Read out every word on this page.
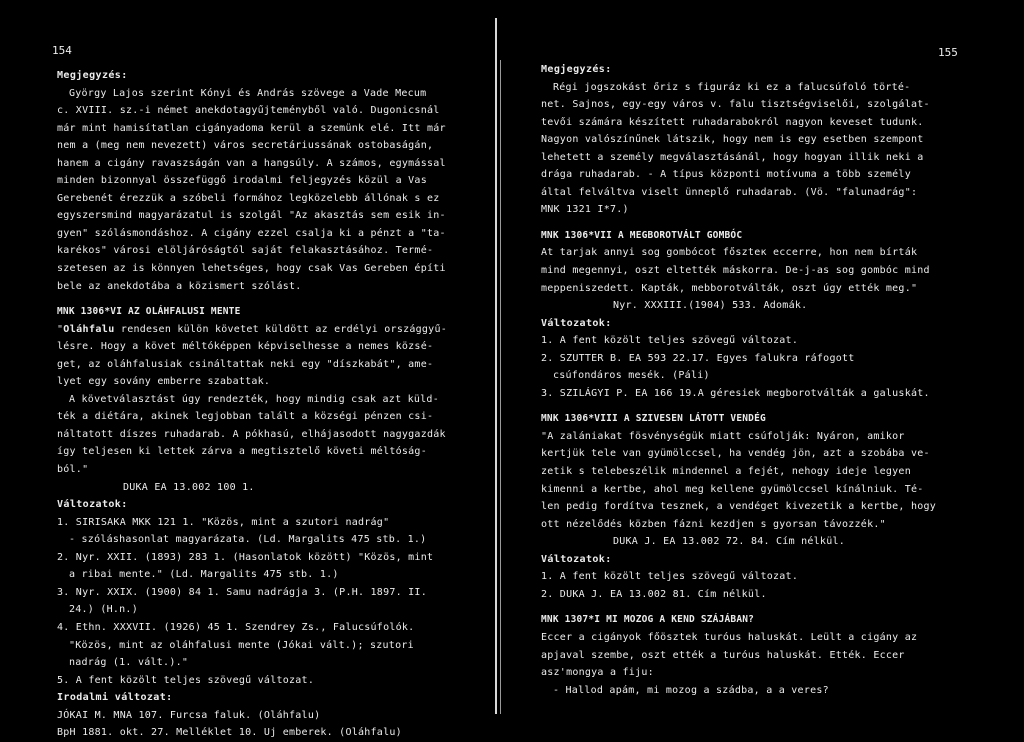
154
Megjegyzés:
György Lajos szerint Kónyi és András szövege a Vade Mecum
c. XVIII. sz.-i német anekdotagyűjteményből való. Dugonicsnál
már mint hamisítatlan cigányadoma kerül a szemünk elé. Itt már
nem a (meg nem nevezett) város secretáriussának ostobaságán,
hanem a cigány ravaszságán van a hangsúly. A számos, egymással
minden bizonnyal összefüggő irodalmi feljegyzés közül a Vas
Gerebenét érezzük a szóbeli formához legközelebb állónak s ez
egyszersmind magyarázatul is szolgál "Az akasztás sem esik in-
gyen" szólásmondáshoz. A cigány ezzel csalja ki a pénzt a "ta-
karékos" városi elöljáróságtól saját felakasztásához. Termé-
szetesen az is könnyen lehetséges, hogy csak Vas Gereben építi
bele az anekdotába a közismert szólást.
MNK 1306*VI AZ OLÁHFALUSI MENTE
"Oláhfalu rendesen külön követet küldött az erdélyi országgyű-
lésre. Hogy a követ méltóképpen képviselhesse a nemes közsé-
get, az oláhfalusiak csináltattak neki egy "díszkabát", ame-
lyet egy sovány emberre szabattak.
A követválasztást úgy rendezték, hogy mindig csak azt küld-
ték a diétára, akinek legjobban talált a községi pénzen csi-
náltatott díszes ruhadarab. A pókhasú, elhájasodott nagygazdák
így teljesen ki lettek zárva a megtisztelő követi méltóság-
ból."
DUKA EA 13.002 100 1.
Változatok:
1. SIRISAKA MKK 121 1. "Közös, mint a szutori nadrág"
- szóláshasonlat magyarázata. (Ld. Margalits 475 stb. 1.)
2. Nyr. XXII. (1893) 283 1. (Hasonlatok között) "Közös, mint
a ribai mente." (Ld. Margalits 475 stb. 1.)
3. Nyr. XXIX. (1900) 84 1. Samu nadrágja 3. (P.H. 1897. II.
24.) (H.n.)
4. Ethn. XXXVII. (1926) 45 1. Szendrey Zs., Falucsúfolók.
"Közös, mint az oláhfalusi mente (Jókai vált.); szutori
nadrág (1. vált.)."
5. A fent közölt teljes szövegű változat.
Irodalmi változat:
JÓKAI M. MNA 107. Furcsa faluk. (Oláhfalu)
BpH 1881. okt. 27. Melléklet 10. Uj emberek. (Oláhfalu)
155
Megjegyzés:
Régi jogszokást őriz s figuráz ki ez a falucsúfoló törté-
net. Sajnos, egy-egy város v. falu tisztségviselői, szolgálat-
tevői számára készített ruhadarabokról nagyon keveset tudunk.
Nagyon valószínűnek látszik, hogy nem is egy esetben szempont
lehetett a személy megválasztásánál, hogy hogyan illik neki a
drága ruhadarab. - A típus központi motívuma a több személy
által felváltva viselt ünneplő ruhadarab. (Vö. "falunadrág":
MNK 1321 I*7.)
MNK 1306*VII A MEGBOROTVÁLT GOMBÓC
At tarjak annyi sog gombócot főszteк eccerre, hon nem bírták
mind megennyi, oszt eltették máskorra. De-j-as sog gombóc mind
meppeniszedett. Kapták, mebborotválták, oszt úgy ették meg."
Nyr. XXXIII.(1904) 533. Adomák.
Változatok:
1. A fent közölt teljes szövegű változat.
2. SZUTTER B. EA 593 22.17. Egyes falukra ráfogott
csúfondáros mesék. (Páli)
3. SZILÁGYI P. EA 166 19.A géresiek megborotválták a galuskát.
MNK 1306*VIII A SZIVESEN LÁTOTT VENDÉG
"A zalániakat fösvénységük miatt csúfolják: Nyáron, amikor
kertjük tele van gyümölccsel, ha vendég jön, azt a szobába ve-
zetik s telebeszélik mindennel a fejét, nehogy ideje legyen
kimenni a kertbe, ahol meg kellene gyümölccsel kínálniuk. Té-
len pedig fordítva tesznek, a vendéget kivezetik a kertbe, hogy
ott nézelődés közben fázni kezdjen s gyorsan távozzék."
DUKA J. EA 13.002 72. 84. Cím nélkül.
Változatok:
1. A fent közölt teljes szövegű változat.
2. DUKA J. EA 13.002 81. Cím nélkül.
MNK 1307*I MI MOZOG A KEND SZÁJÁBAN?
Eccer a cigányok főösztek turóus haluskát. Leült a cigány az
apjaval szembe, oszt ették a turóus haluskát. Ették. Eccer
asz'mongya a fiju:
- Hallod apám, mi mozog a szádba, a a veres?
